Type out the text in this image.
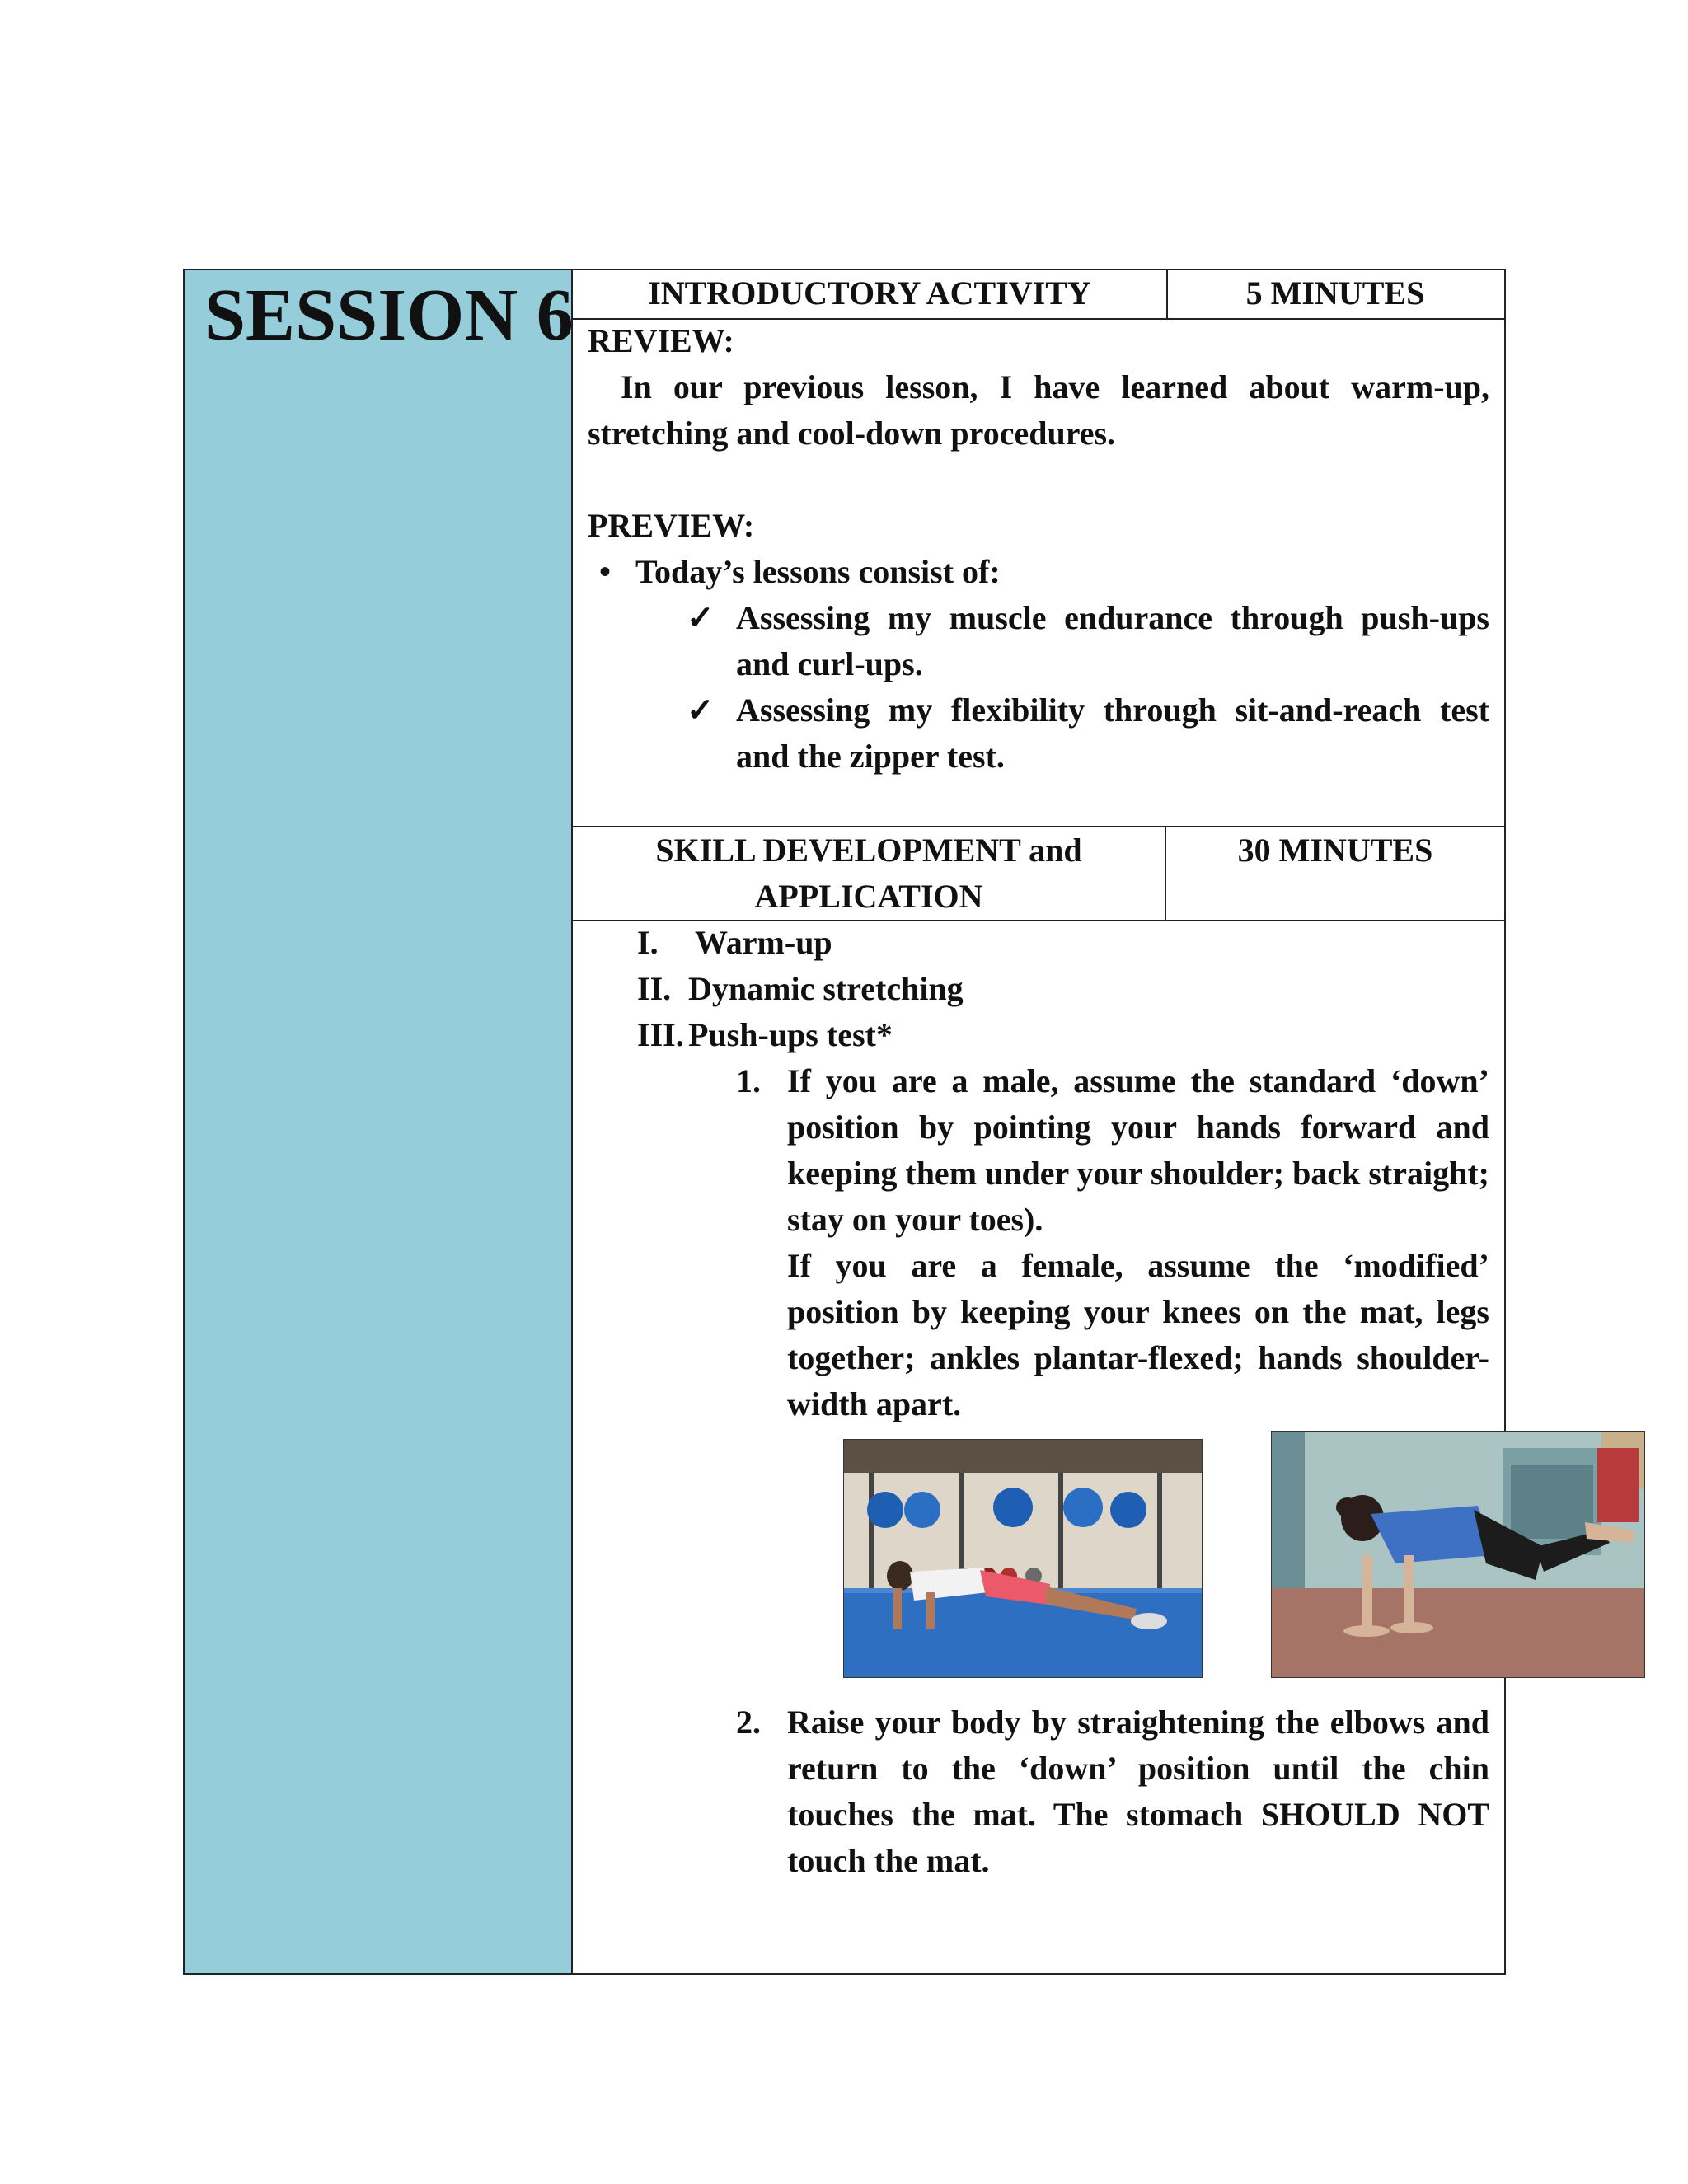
SESSION 6	INTRODUCTORY ACTIVITY	5 MINUTES

REVIEW:

In our previous lesson, I have learned about warm-up, stretching and cool-down procedures.

PREVIEW:

• Today’s lessons consist of:
✓ Assessing my muscle endurance through push-ups and curl-ups.
✓ Assessing my flexibility through sit-and-reach test and the zipper test.
SKILL DEVELOPMENT and APPLICATION
30 MINUTES
I. Warm-up
II. Dynamic stretching
III. Push-ups test*
1. If you are a male, assume the standard ‘down’ position by pointing your hands forward and keeping them under your shoulder; back straight; stay on your toes).

If you are a female, assume the ‘modified’ position by keeping your knees on the mat, legs together; ankles plantar-flexed; hands shoulder-width apart.

2. Raise your body by straightening the elbows and return to the ‘down’ position until the chin touches the mat. The stomach SHOULD NOT touch the mat.
